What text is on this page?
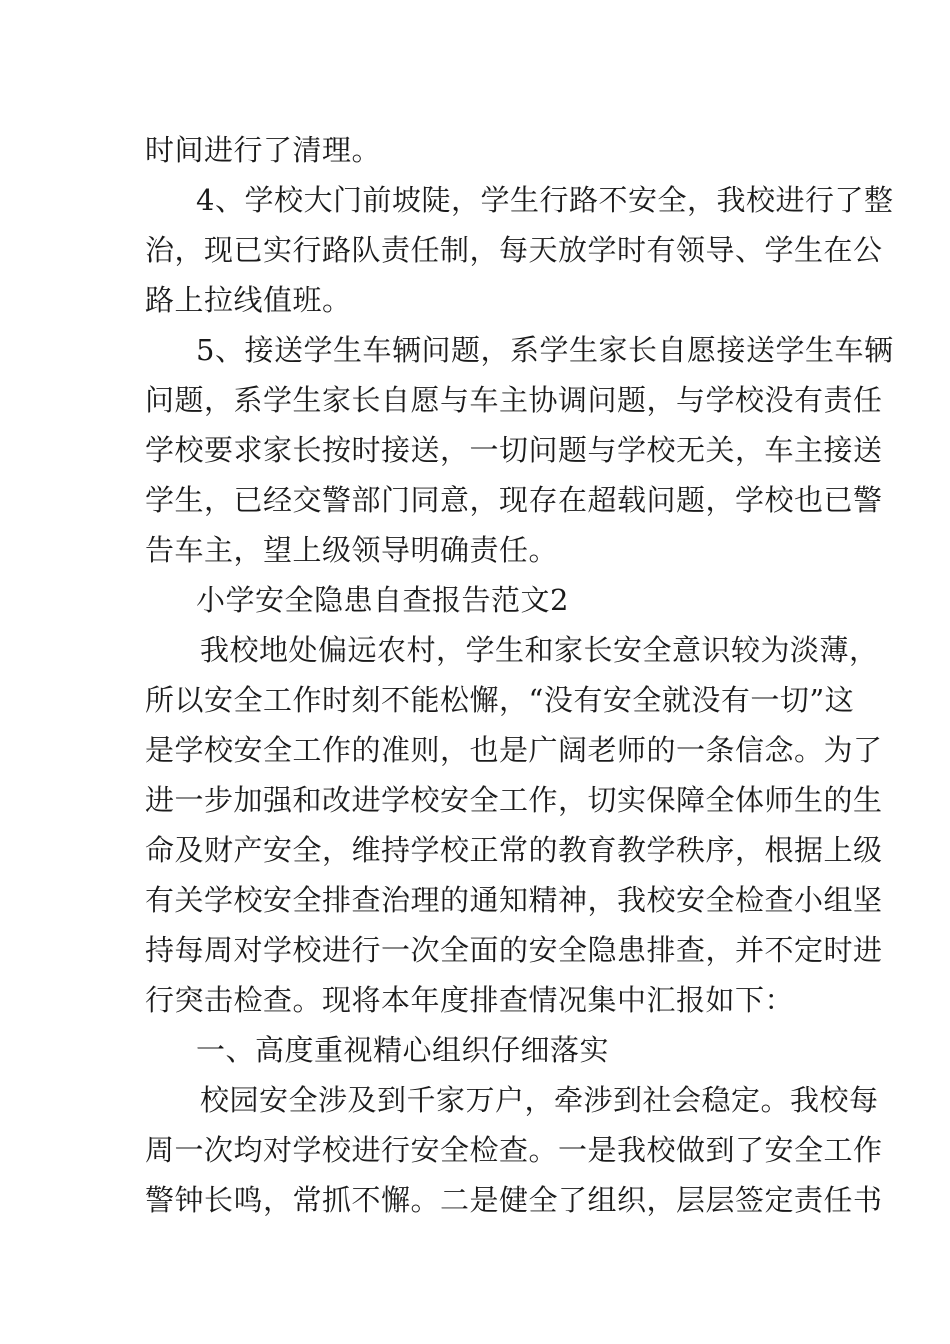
时间进行了清理。
4、学校大门前坡陡，学生行路不安全，我校进行了整
治，现已实行路队责任制，每天放学时有领导、学生在公
路上拉线值班。
5、接送学生车辆问题，系学生家长自愿接送学生车辆
问题，系学生家长自愿与车主协调问题，与学校没有责任
学校要求家长按时接送，一切问题与学校无关，车主接送
学生，已经交警部门同意，现存在超载问题，学校也已警
告车主，望上级领导明确责任。
小学安全隐患自查报告范文2
我校地处偏远农村，学生和家长安全意识较为淡薄，
所以安全工作时刻不能松懈，“没有安全就没有一切”这
是学校安全工作的准则，也是广阔老师的一条信念。为了
进一步加强和改进学校安全工作，切实保障全体师生的生
命及财产安全，维持学校正常的教育教学秩序，根据上级
有关学校安全排查治理的通知精神，我校安全检查小组坚
持每周对学校进行一次全面的安全隐患排查，并不定时进
行突击检查。现将本年度排查情况集中汇报如下：
一、高度重视精心组织仔细落实
校园安全涉及到千家万户，牵涉到社会稳定。我校每
周一次均对学校进行安全检查。一是我校做到了安全工作
警钟长鸣，常抓不懈。二是健全了组织，层层签定责任书
